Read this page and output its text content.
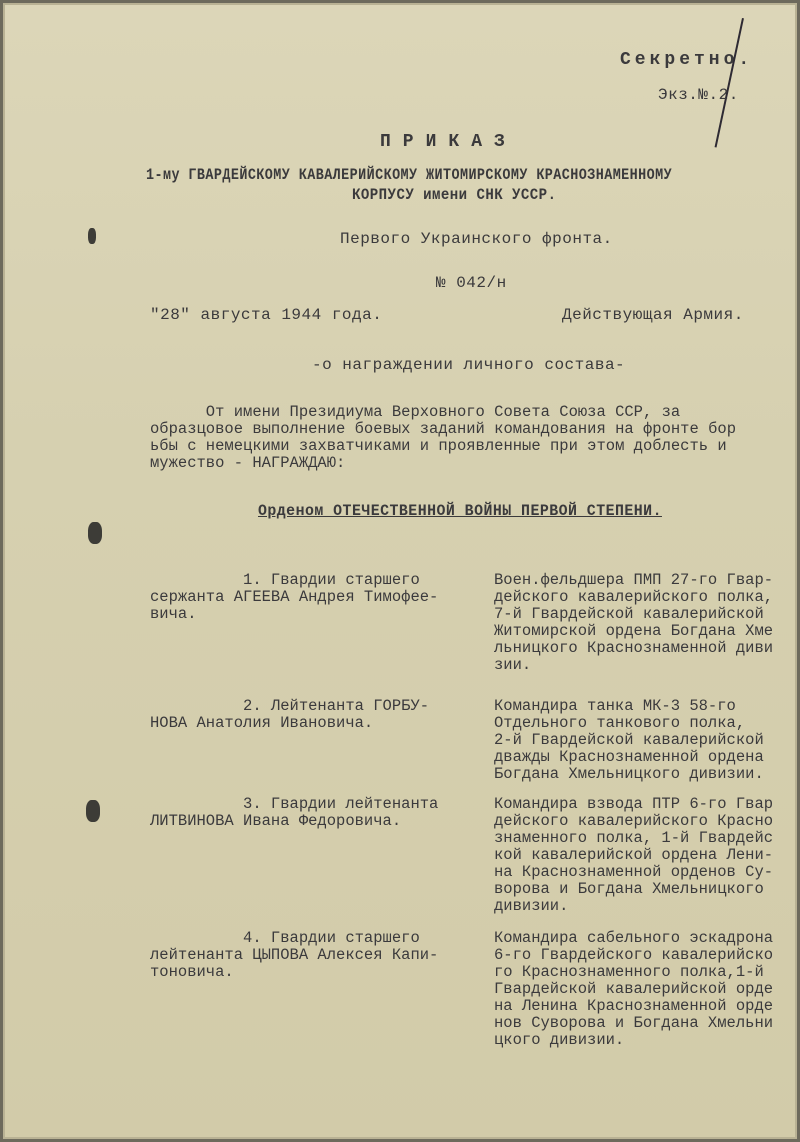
Секретно.
Экз.№.2.
ПРИКАЗ
1-му ГВАРДЕЙСКОМУ КАВАЛЕРИЙСКОМУ ЖИТОМИРСКОМУ КРАСНОЗНАМЕННОМУ
КОРПУСУ имени СНК УССР.
Первого Украинского фронта.
№ 042/н
"28" августа 1944 года.	Действующая Армия.
-о награждении личного состава-
От имени Президиума Верховного Совета Союза ССР, за
образцовое выполнение боевых заданий командования на фронте бор
ьбы с немецкими захватчиками и проявленные при этом доблесть и
мужество - НАГРАЖДАЮ:
Орденом ОТЕЧЕСТВЕННОЙ ВОЙНЫ ПЕРВОЙ СТЕПЕНИ.
1. Гвардии старшего
сержанта АГЕЕВА Андрея Тимофее-
вича.
Воен.фельдшера ПМП 27-го Гвар-
дейского кавалерийского полка,
7-й Гвардейской кавалерийской
Житомирской ордена Богдана Хме
льницкого Краснознаменной диви
зии.
2. Лейтенанта ГОРБУ-
НОВА Анатолия Ивановича.
Командира танка МК-3 58-го
Отдельного танкового полка,
2-й Гвардейской кавалерийской
дважды Краснознаменной ордена
Богдана Хмельницкого дивизии.
3. Гвардии лейтенанта
ЛИТВИНОВА Ивана Федоровича.
Командира взвода ПТР 6-го Гвар
дейского кавалерийского Красно
знаменного полка, 1-й Гвардейс
кой кавалерийской ордена Лени-
на Краснознаменной орденов Су-
ворова и Богдана Хмельницкого
дивизии.
4. Гвардии старшего
лейтенанта ЦЫПОВА Алексея Капи-
тоновича.
Командира сабельного эскадрона
6-го Гвардейского кавалерийско
го Краснознаменного полка,1-й
Гвардейской кавалерийской орде
на Ленина Краснознаменной орде
нов Суворова и Богдана Хмельни
цкого дивизии.
